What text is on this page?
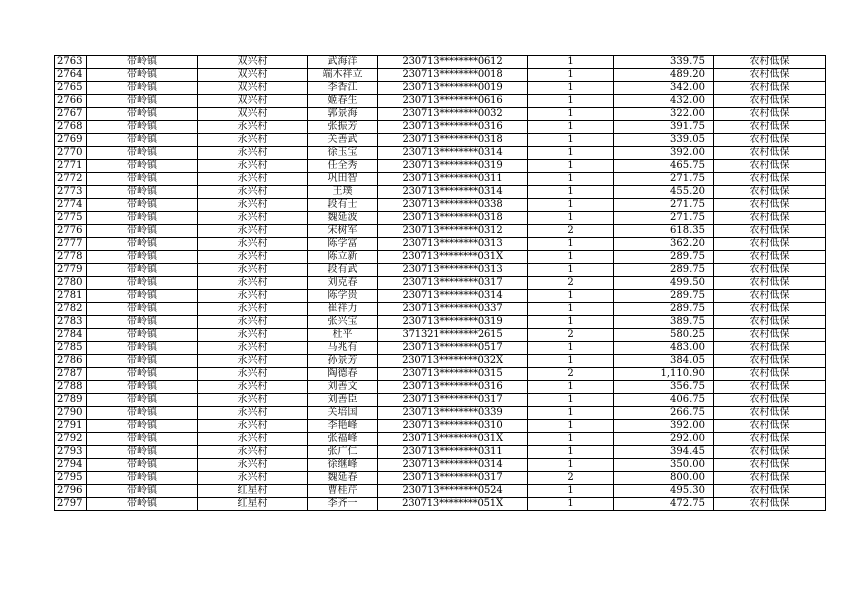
2763	带岭镇	双兴村	武海洋	230713********0612	1	339.75	农村低保
2764	带岭镇	双兴村	端木祥立	230713********0018	1	489.20	农村低保
2765	带岭镇	双兴村	李香江	230713********0019	1	342.00	农村低保
2766	带岭镇	双兴村	姬春生	230713********0616	1	432.00	农村低保
2767	带岭镇	双兴村	郭景海	230713********0032	1	322.00	农村低保
2768	带岭镇	永兴村	张振芳	230713********0316	1	391.75	农村低保
2769	带岭镇	永兴村	关善武	230713********0318	1	339.05	农村低保
2770	带岭镇	永兴村	徐玉宝	230713********0314	1	392.00	农村低保
2771	带岭镇	永兴村	任全秀	230713********0319	1	465.75	农村低保
2772	带岭镇	永兴村	巩田智	230713********0311	1	271.75	农村低保
2773	带岭镇	永兴村	王璞	230713********0314	1	455.20	农村低保
2774	带岭镇	永兴村	段有士	230713********0338	1	271.75	农村低保
2775	带岭镇	永兴村	魏延波	230713********0318	1	271.75	农村低保
2776	带岭镇	永兴村	宋树军	230713********0312	2	618.35	农村低保
2777	带岭镇	永兴村	陈学富	230713********0313	1	362.20	农村低保
2778	带岭镇	永兴村	陈立新	230713********031X	1	289.75	农村低保
2779	带岭镇	永兴村	段有武	230713********0313	1	289.75	农村低保
2780	带岭镇	永兴村	刘克春	230713********0317	2	499.50	农村低保
2781	带岭镇	永兴村	陈学贵	230713********0314	1	289.75	农村低保
2782	带岭镇	永兴村	崔祥力	230713********0337	1	289.75	农村低保
2783	带岭镇	永兴村	张兴宝	230713********0319	1	389.75	农村低保
2784	带岭镇	永兴村	杜平	371321********2615	2	580.25	农村低保
2785	带岭镇	永兴村	马兆有	230713********0517	1	483.00	农村低保
2786	带岭镇	永兴村	孙景芳	230713********032X	1	384.05	农村低保
2787	带岭镇	永兴村	陶德春	230713********0315	2	1,110.90	农村低保
2788	带岭镇	永兴村	刘善文	230713********0316	1	356.75	农村低保
2789	带岭镇	永兴村	刘善臣	230713********0317	1	406.75	农村低保
2790	带岭镇	永兴村	关培国	230713********0339	1	266.75	农村低保
2791	带岭镇	永兴村	李艳峰	230713********0310	1	392.00	农村低保
2792	带岭镇	永兴村	张福峰	230713********031X	1	292.00	农村低保
2793	带岭镇	永兴村	张广仁	230713********0311	1	394.45	农村低保
2794	带岭镇	永兴村	徐继峰	230713********0314	1	350.00	农村低保
2795	带岭镇	永兴村	魏延春	230713********0317	2	800.00	农村低保
2796	带岭镇	红星村	曹桂芹	230713********0524	1	495.30	农村低保
2797	带岭镇	红星村	李齐一	230713********051X	1	472.75	农村低保
